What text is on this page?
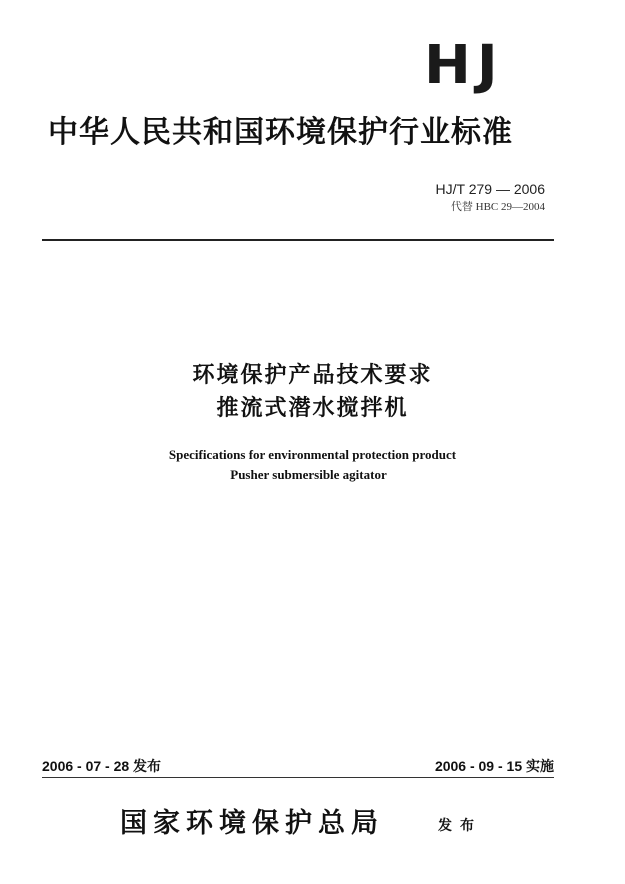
HJ
中华人民共和国环境保护行业标准
HJ/T 279 — 2006
代替 HBC 29—2004
环境保护产品技术要求
推流式潜水搅拌机
Specifications for environmental protection product
Pusher submersible agitator
2006 - 07 - 28 发布	2006 - 09 - 15 实施
国家环境保护总局	发布
